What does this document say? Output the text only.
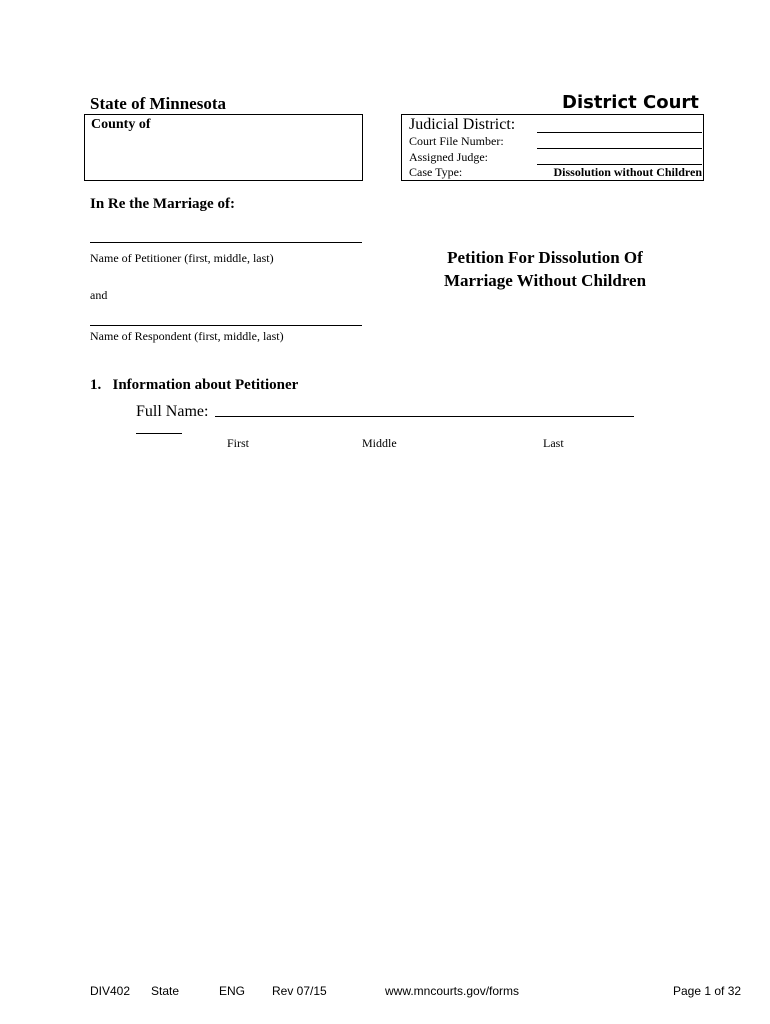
State of Minnesota	District Court
County of	Judicial District:
Court File Number:
Assigned Judge:
Case Type:	Dissolution without Children
In Re the Marriage of:
Name of Petitioner (first, middle, last)
and
Name of Respondent (first, middle, last)
Petition For Dissolution Of
Marriage Without Children
1.   Information about Petitioner
Full Name:
First	Middle	Last
DIV402 State	ENG Rev 07/15	www.mncourts.gov/forms	Page 1 of 32
